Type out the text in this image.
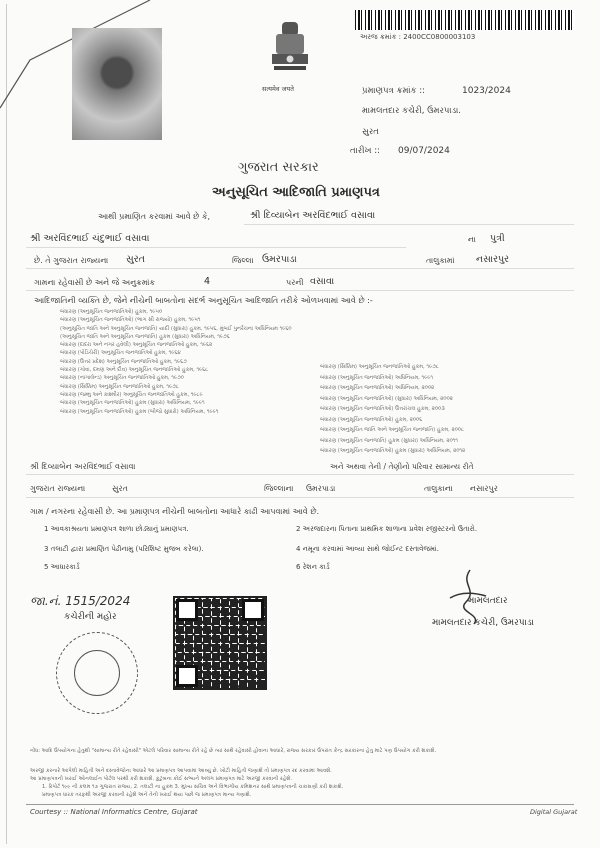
सत्यमेव जयते
અરજ ક્રમાંક : 2400CC0800003103
પ્રમાણપત્ર ક્રમાંક ::	1023/2024
મામલતદાર કચેરી, ઉમરપાડા.
સુરત
તારીખ :: 09/07/2024
ગુજરાત સરકાર
અનુસૂચિત આદિજાતિ પ્રમાણપત્ર
આથી પ્રમાણિત કરવામાં આવે છે કે,	શ્રી દિવ્યાબેન અરવિંદભાઈ વસાવા
શ્રી અરવિંદભાઈ ચંદુભાઈ વસાવા	ના પુત્રી
છે. તે ગુજરાત રાજ્યના સુરત	જિલ્લા ઉમરપાડા	તાલુકામાં નસારપુર
ગામના રહેવાસી છે અને જે અનુક્રમાંક	4	પરની વસાવા
આદિજાતિની વ્યક્તિ છે, જેને નીચેની બાબતોના સંદર્ભ અનુસૂચિત આદિજાતિ તરીકે ઓળખવામાં આવે છે :-
બંધારણ (અનુસૂચિત જનજાતિઓ) હુકમ, ૧૯૫૦
બંધારણ (અનુસૂચિત જનજાતિઓ) (ભાગ સી રાજ્યો) હુકમ, ૧૯૫૧
(અનુસૂચિત જાતિ અને અનુસૂચિત જનજાતિ) યાદી (સુધારા) હુકમ, ૧૯૫૬, મુંબઈ પુનર્રચના અધિનિયમ ૧૯૬૦
(અનુસૂચિત જાતિ અને અનુસૂચિત જનજાતિ) હુકમ (સુધારા) અધિનિયમ, ૧૯૭૬
બંધારણ (દાદરા અને નગર હવેલી) અનુસૂચિત જનજાતિઓ હુકમ, ૧૯૬૨
બંધારણ (પોંડિચેરી) અનુસૂચિત જનજાતિઓ હુકમ, ૧૯૬૪
બંધારણ (ઉત્તર પ્રદેશ) અનુસૂચિત જનજાતિઓ હુકમ, ૧૯૬૭
બંધારણ (ગોવા, દમણ અને દીવ) અનુસૂચિત જનજાતિઓ હુકમ, ૧૯૬૮
બંધારણ (નાગાલેન્ડ) અનુસૂચિત જનજાતિઓ હુકમ, ૧૯૭૦
બંધારણ (સિક્કિમ) અનુસૂચિત જનજાતિઓ હુકમ, ૧૯૭૮
બંધારણ (જમ્મુ અને કાશ્મીર) અનુસૂચિત જનજાતિઓ હુકમ, ૧૯૮૯
બંધારણ (અનુસૂચિત જનજાતિઓ) હુકમ (સુધારા) અધિનિયમ, ૧૯૯૧
બંધારણ (અનુસૂચિત જનજાતિઓ) હુકમ (બીજો સુધારો) અધિનિયમ, ૧૯૯૧
બંધારણ (સિક્કિમ) અનુસૂચિત જનજાતિઓ હુકમ, ૧૯૭૮
બંધારણ (અનુસૂચિત જનજાતિઓ) અધિનિયમ, ૧૯૯૧
બંધારણ (અનુસૂચિત જનજાતિઓ) અધિનિયમ, ૨૦૦૨
બંધારણ (અનુસૂચિત જનજાતિઓ) (સુધારા) અધિનિયમ, ૨૦૦૨
બંધારણ (અનુસૂચિત જનજાતિઓ) ઉત્તરાંચલ હુકમ, ૨૦૦૩
બંધારણ (અનુસૂચિત જનજાતિઓ) હુકમ, ૨૦૦૬
બંધારણ (અનુસૂચિત જાતિ અને અનુસૂચિત જનજાતિ) હુકમ, ૨૦૦૮
બંધારણ (અનુસૂચિત જનજાતિ) હુકમ (સુધારા) અધિનિયમ, ૨૦૧૧
બંધારણ (અનુસૂચિત જનજાતિઓ) હુકમ (સુધારા) અધિનિયમ, ૨૦૧૨
શ્રી દિવ્યાબેન અરવિંદભાઈ વસાવા	અને અથવા તેની / તેણીનો પરિવાર સામાન્ય રીતે
ગુજરાત રાજ્યના	સુરત	જિલ્લાના ઉમરપાડા	તાલુકાના નસારપુર
ગામ / નગરના રહેવાસી છે. આ પ્રમાણપત્ર નીચેની બાબતોના આધારે કાઢી આપવામાં આવે છે.
1 આવકાશ્રયતા પ્રમાણપત્ર શાળા છોડ્યાનું પ્રમાણપત્ર.	2 અરજદારના પિતાના પ્રાથમિક શાળાના પ્રવેશ રજીસ્ટરનો ઉતારો.
3 તલાટી દ્વારા પ્રમાણિત પેઢીનામુ (પરિશિષ્ટ મુજબ કરેલા).	4 નમૂના કરવામાં આવ્યા સાથે જોઈન્ટ દસ્તાવેજમાં.
5 આધારકાર્ડ	6 રેશન કાર્ડ
મામલતદાર
મામલતદાર કચેરી, ઉમરપાડા
જા.નં. 1515/2024
કચેરીની મહોર
નોંધ: આદિ ઉપયોગના હેતુથી "સામાન્ય રીતે રહેવાસી" એટલે પરિવાર સામાન્ય રીતે રહે છે ત્યાં સાથે રહેવાસી હોવાના આધારે, રાજ્ય સરકાર ઉપરાંત કેન્દ્ર સરકારના હેતુ માટે પણ ઉપયોગ કરી શકાશે.
અરજી કરનારે આપેલી માહિતી અને દસ્તાવેજોના આધારે આ પ્રમાણપત્ર આપવામાં આવ્યું છે. ખોટી માહિતી જણાશે તો પ્રમાણપત્ર રદ કરવામાં આવશે.
આ પ્રમાણપત્રની ખરાઈ ઓનલાઈન પોર્ટલ પરથી કરી શકાશે. કુટુંબના કોઈ સભ્યને અલગ પ્રમાણપત્ર માટે અરજી કરવાની રહેશે.
1. રિપોર્ટ ૧૯૯ ની કલમ ૧૭ ગુજરાત રાજ્ય, 2. તલાટી ના હુકમ 3. મુખ્ય સચિવ અને વિભાગીય કમિશનર સાથે પ્રમાણપત્રની ચકાસણી કરી શકાશે.
પ્રમાણપત્ર ધારક તરફથી અરજી કરવાની રહેશે અને તેની ખરાઈ થયા પછી જ પ્રમાણપત્ર માન્ય ગણાશે.
Courtesy :: National Informatics Centre, Gujarat	Digital Gujarat
